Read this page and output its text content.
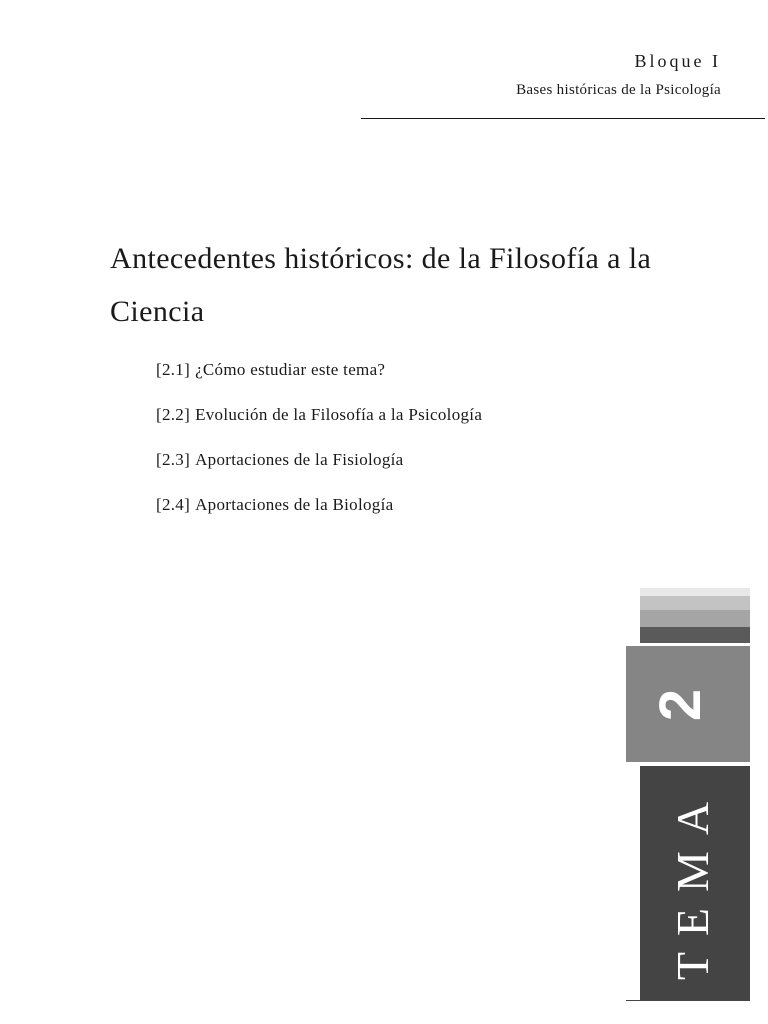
Bloque I
Bases históricas de la Psicología
Antecedentes históricos: de la Filosofía a la Ciencia
[2.1] ¿Cómo estudiar este tema?
[2.2] Evolución de la Filosofía a la Psicología
[2.3] Aportaciones de la Fisiología
[2.4] Aportaciones de la Biología
2
TEMA
